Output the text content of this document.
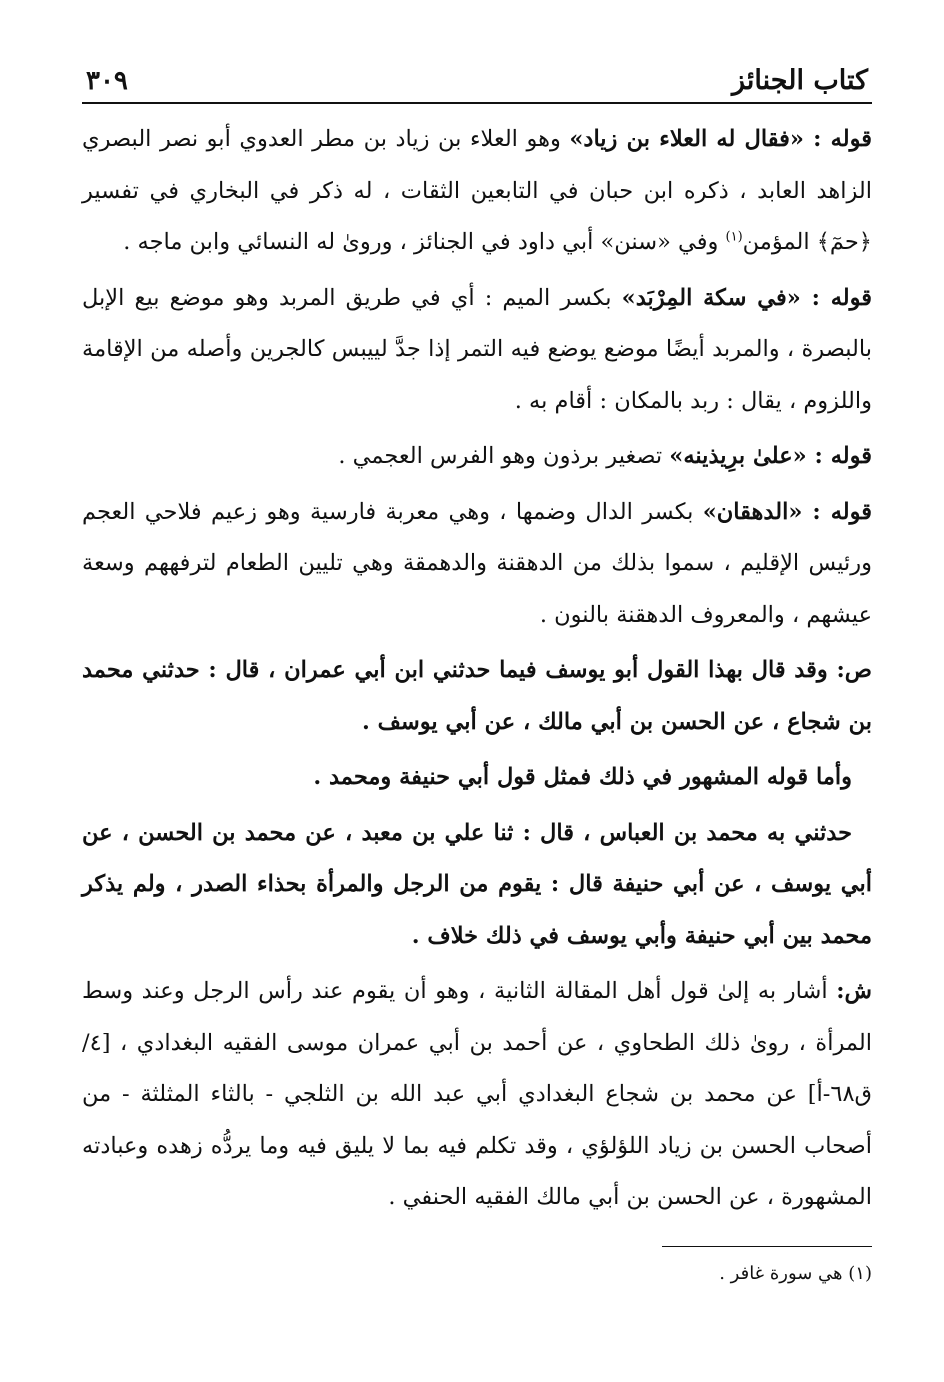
كتاب الجنائز
٣٠٩

قوله : «فقال له العلاء بن زياد» وهو العلاء بن زياد بن مطر العدوي أبو نصر البصري الزاهد العابد ، ذكره ابن حبان في التابعين الثقات ، له ذكر في البخاري في تفسير ﴿حمٓ﴾ المؤمن$^{(١)}$ وفي «سنن» أبي داود في الجنائز ، وروىٰ له النسائي وابن ماجه .

قوله : «في سكة المِرْبَد» بكسر الميم : أي في طريق المربد وهو موضع بيع الإبل بالبصرة ، والمربد أيضًا موضع يوضع فيه التمر إذا جدَّ لييبس كالجرين وأصله من الإقامة واللزوم ، يقال : ربد بالمكان : أقام به .

قوله : «علىٰ برِيذينه» تصغير برذون وهو الفرس العجمي .

قوله : «الدهقان» بكسر الدال وضمها ، وهي معربة فارسية وهو زعيم فلاحي العجم ورئيس الإقليم ، سموا بذلك من الدهقنة والدهمقة وهي تليين الطعام لترفههم وسعة عيشهم ، والمعروف الدهقنة بالنون .

ص: وقد قال بهذا القول أبو يوسف فيما حدثني ابن أبي عمران ، قال : حدثني محمد بن شجاع ، عن الحسن بن أبي مالك ، عن أبي يوسف .

وأما قوله المشهور في ذلك فمثل قول أبي حنيفة ومحمد .

حدثني به محمد بن العباس ، قال : ثنا علي بن معبد ، عن محمد بن الحسن ، عن أبي يوسف ، عن أبي حنيفة قال : يقوم من الرجل والمرأة بحذاء الصدر ، ولم يذكر محمد بين أبي حنيفة وأبي يوسف في ذلك خلاف .

ش: أشار به إلىٰ قول أهل المقالة الثانية ، وهو أن يقوم عند رأس الرجل وعند وسط المرأة ، روىٰ ذلك الطحاوي ، عن أحمد بن أبي عمران موسى الفقيه البغدادي ، [٤/ ق٦٨-أ] عن محمد بن شجاع البغدادي أبي عبد الله بن الثلجي - بالثاء المثلثة - من أصحاب الحسن بن زياد اللؤلؤي ، وقد تكلم فيه بما لا يليق فيه وما يردُّه زهده وعبادته المشهورة ، عن الحسن بن أبي مالك الفقيه الحنفي .

(١) هي سورة غافر .
